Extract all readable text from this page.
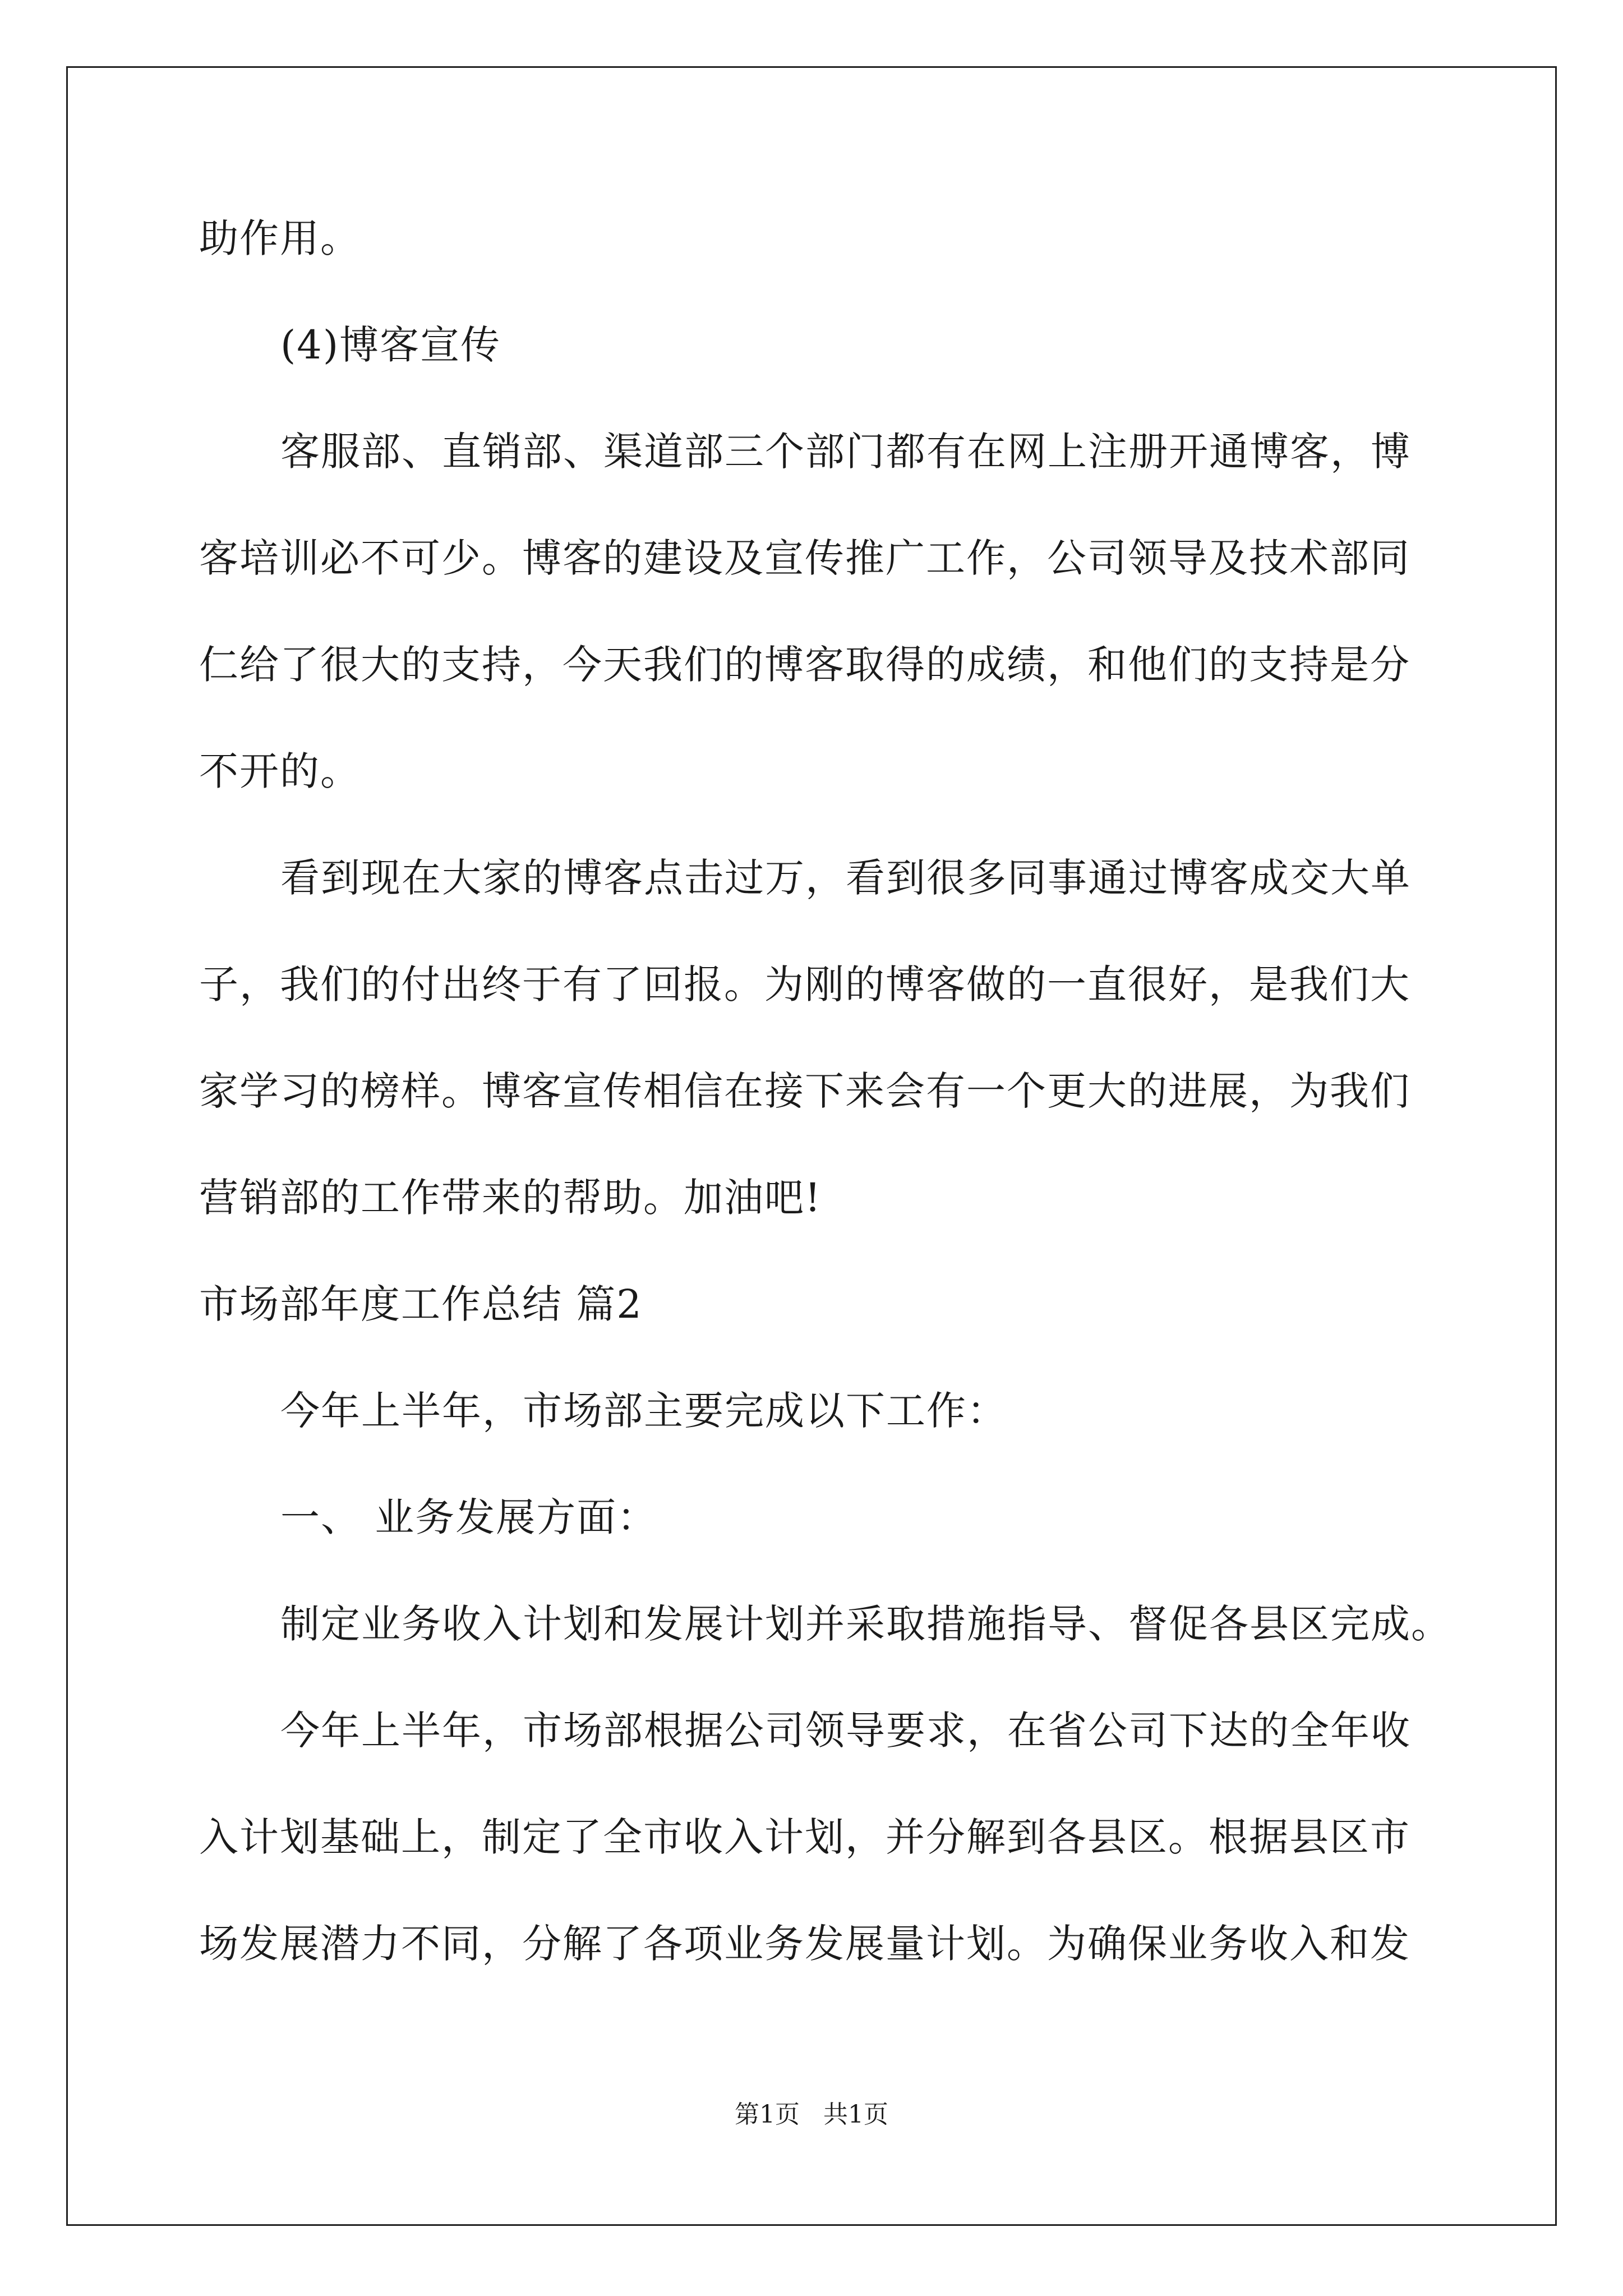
助作用。
(4)博客宣传
客服部、直销部、渠道部三个部门都有在网上注册开通博客，博
客培训必不可少。博客的建设及宣传推广工作，公司领导及技术部同
仁给了很大的支持，今天我们的博客取得的成绩，和他们的支持是分
不开的。
看到现在大家的博客点击过万，看到很多同事通过博客成交大单
子，我们的付出终于有了回报。为刚的博客做的一直很好，是我们大
家学习的榜样。博客宣传相信在接下来会有一个更大的进展，为我们
营销部的工作带来的帮助。加油吧!
市场部年度工作总结 篇2
今年上半年，市场部主要完成以下工作：
一、 业务发展方面：
制定业务收入计划和发展计划并采取措施指导、督促各县区完成。
今年上半年，市场部根据公司领导要求，在省公司下达的全年收
入计划基础上，制定了全市收入计划，并分解到各县区。根据县区市
场发展潜力不同，分解了各项业务发展量计划。为确保业务收入和发
第1页   共1页
